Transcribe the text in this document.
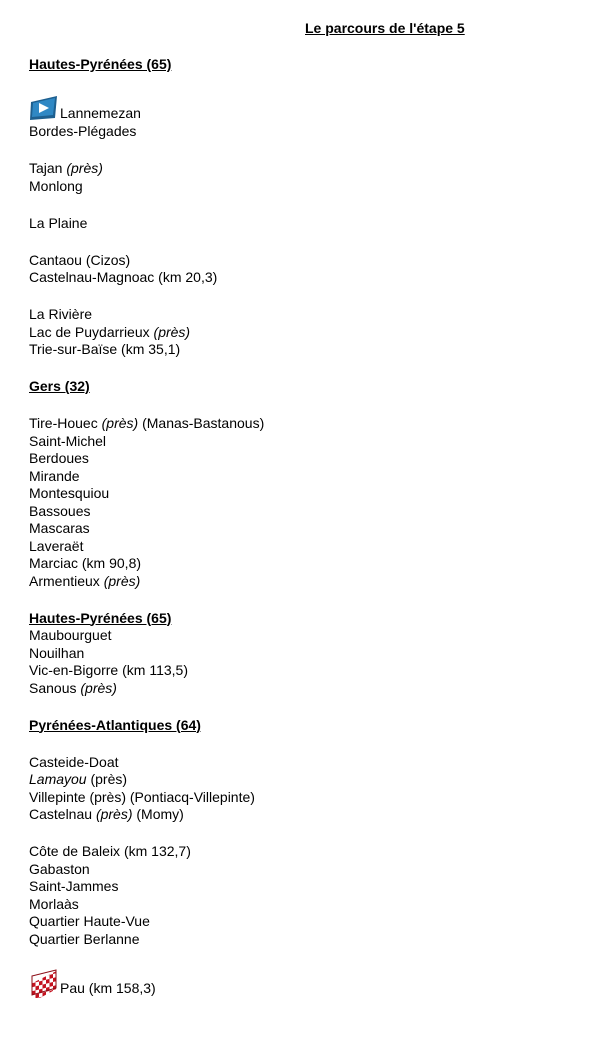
Le parcours de l'étape 5
Hautes-Pyrénées (65)
Lannemezan
Bordes-Plégades
Tajan (près)
Monlong
La Plaine
Cantaou (Cizos)
Castelnau-Magnoac (km 20,3)
La Rivière
Lac de Puydarrieux (près)
Trie-sur-Baïse (km 35,1)
Gers (32)
Tire-Houec (près) (Manas-Bastanous)
Saint-Michel
Berdoues
Mirande
Montesquiou
Bassoues
Mascaras
Laveraët
Marciac (km 90,8)
Armentieux (près)
Hautes-Pyrénées (65)
Maubourguet
Nouilhan
Vic-en-Bigorre (km 113,5)
Sanous (près)
Pyrénées-Atlantiques (64)
Casteide-Doat
Lamayou (près)
Villepinte (près) (Pontiacq-Villepinte)
Castelnau (près) (Momy)
Côte de Baleix (km 132,7)
Gabaston
Saint-Jammes
Morlaàs
Quartier Haute-Vue
Quartier Berlanne
Pau (km 158,3)
